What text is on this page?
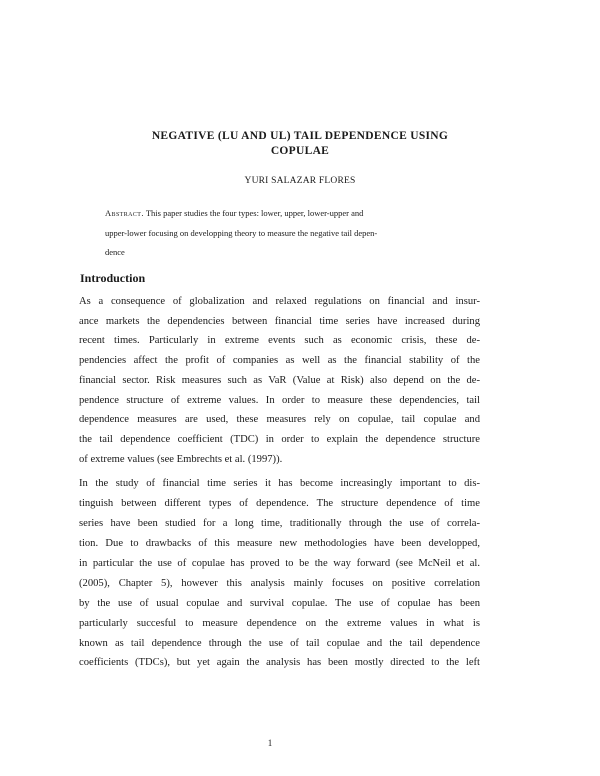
NEGATIVE (LU AND UL) TAIL DEPENDENCE USING
COPULAE
YURI SALAZAR FLORES
Abstract. This paper studies the four types: lower, upper, lower-upper and
upper-lower focusing on developping theory to measure the negative tail depen-
dence
Introduction
As a consequence of globalization and relaxed regulations on financial and insur-
ance markets the dependencies between financial time series have increased during
recent times. Particularly in extreme events such as economic crisis, these de-
pendencies affect the profit of companies as well as the financial stability of the
financial sector. Risk measures such as VaR (Value at Risk) also depend on the de-
pendence structure of extreme values. In order to measure these dependencies, tail
dependence measures are used, these measures rely on copulae, tail copulae and
the tail dependence coefficient (TDC) in order to explain the dependence structure
of extreme values (see Embrechts et al. (1997)).
In the study of financial time series it has become increasingly important to dis-
tinguish between different types of dependence. The structure dependence of time
series have been studied for a long time, traditionally through the use of correla-
tion. Due to drawbacks of this measure new methodologies have been developped,
in particular the use of copulae has proved to be the way forward (see McNeil et al.
(2005), Chapter 5), however this analysis mainly focuses on positive correlation
by the use of usual copulae and survival copulae. The use of copulae has been
particularly succesful to measure dependence on the extreme values in what is
known as tail dependence through the use of tail copulae and the tail dependence
coefficients (TDCs), but yet again the analysis has been mostly directed to the left
1
